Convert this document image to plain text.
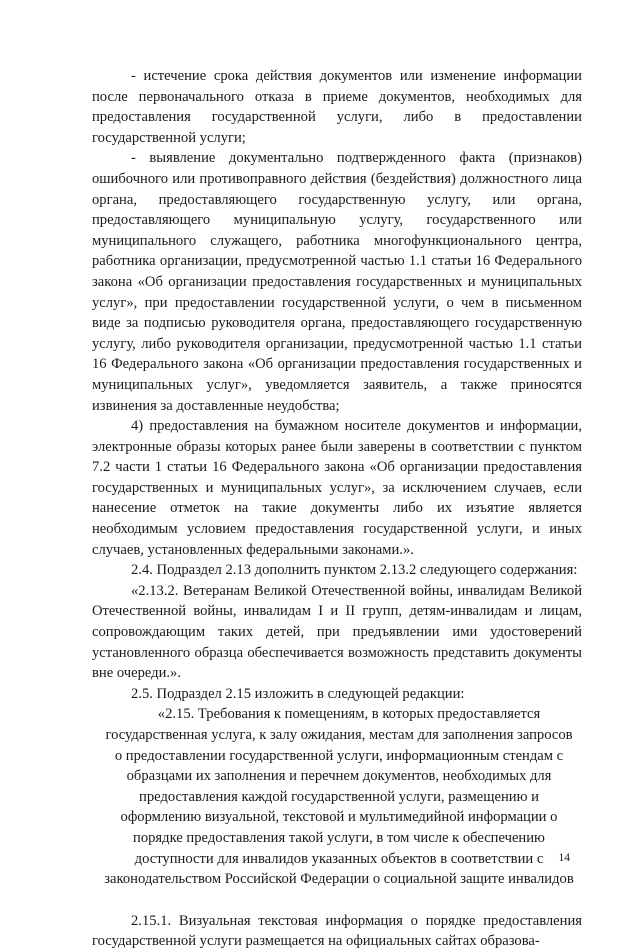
- истечение срока действия документов или изменение информации после первоначального отказа в приеме документов, необходимых для предоставления государственной услуги, либо в предоставлении государственной услуги;

- выявление документально подтвержденного факта (признаков) ошибочного или противоправного действия (бездействия) должностного лица органа, предоставляющего государственную услугу, или органа, предоставляющего муниципальную услугу, государственного или муниципального служащего, работника многофункционального центра, работника организации, предусмотренной частью 1.1 статьи 16 Федерального закона «Об организации предоставления государственных и муниципальных услуг», при предоставлении государственной услуги, о чем в письменном виде за подписью руководителя органа, предоставляющего государственную услугу, либо руководителя организации, предусмотренной частью 1.1 статьи 16 Федерального закона «Об организации предоставления государственных и муниципальных услуг», уведомляется заявитель, а также приносятся извинения за доставленные неудобства;

4) предоставления на бумажном носителе документов и информации, электронные образы которых ранее были заверены в соответствии с пунктом 7.2 части 1 статьи 16 Федерального закона «Об организации предоставления государственных и муниципальных услуг», за исключением случаев, если нанесение отметок на такие документы либо их изъятие является необходимым условием предоставления государственной услуги, и иных случаев, установленных федеральными законами.».

2.4. Подраздел 2.13 дополнить пунктом 2.13.2 следующего содержания:

«2.13.2. Ветеранам Великой Отечественной войны, инвалидам Великой Отечественной войны, инвалидам I и II групп, детям-инвалидам и лицам, сопровождающим таких детей, при предъявлении ими удостоверений установленного образца обеспечивается возможность представить документы вне очереди.».

2.5. Подраздел 2.15 изложить в следующей редакции:

«2.15. Требования к помещениям, в которых предоставляется государственная услуга, к залу ожидания, местам для заполнения запросов о предоставлении государственной услуги, информационным стендам с образцами их заполнения и перечнем документов, необходимых для предоставления каждой государственной услуги, размещению и оформлению визуальной, текстовой и мультимедийной информации о порядке предоставления такой услуги, в том числе к обеспечению доступности для инвалидов указанных объектов в соответствии с законодательством Российской Федерации о социальной защите инвалидов

2.15.1. Визуальная текстовая информация о порядке предоставления государственной услуги размещается на официальных сайтах образова-

14
